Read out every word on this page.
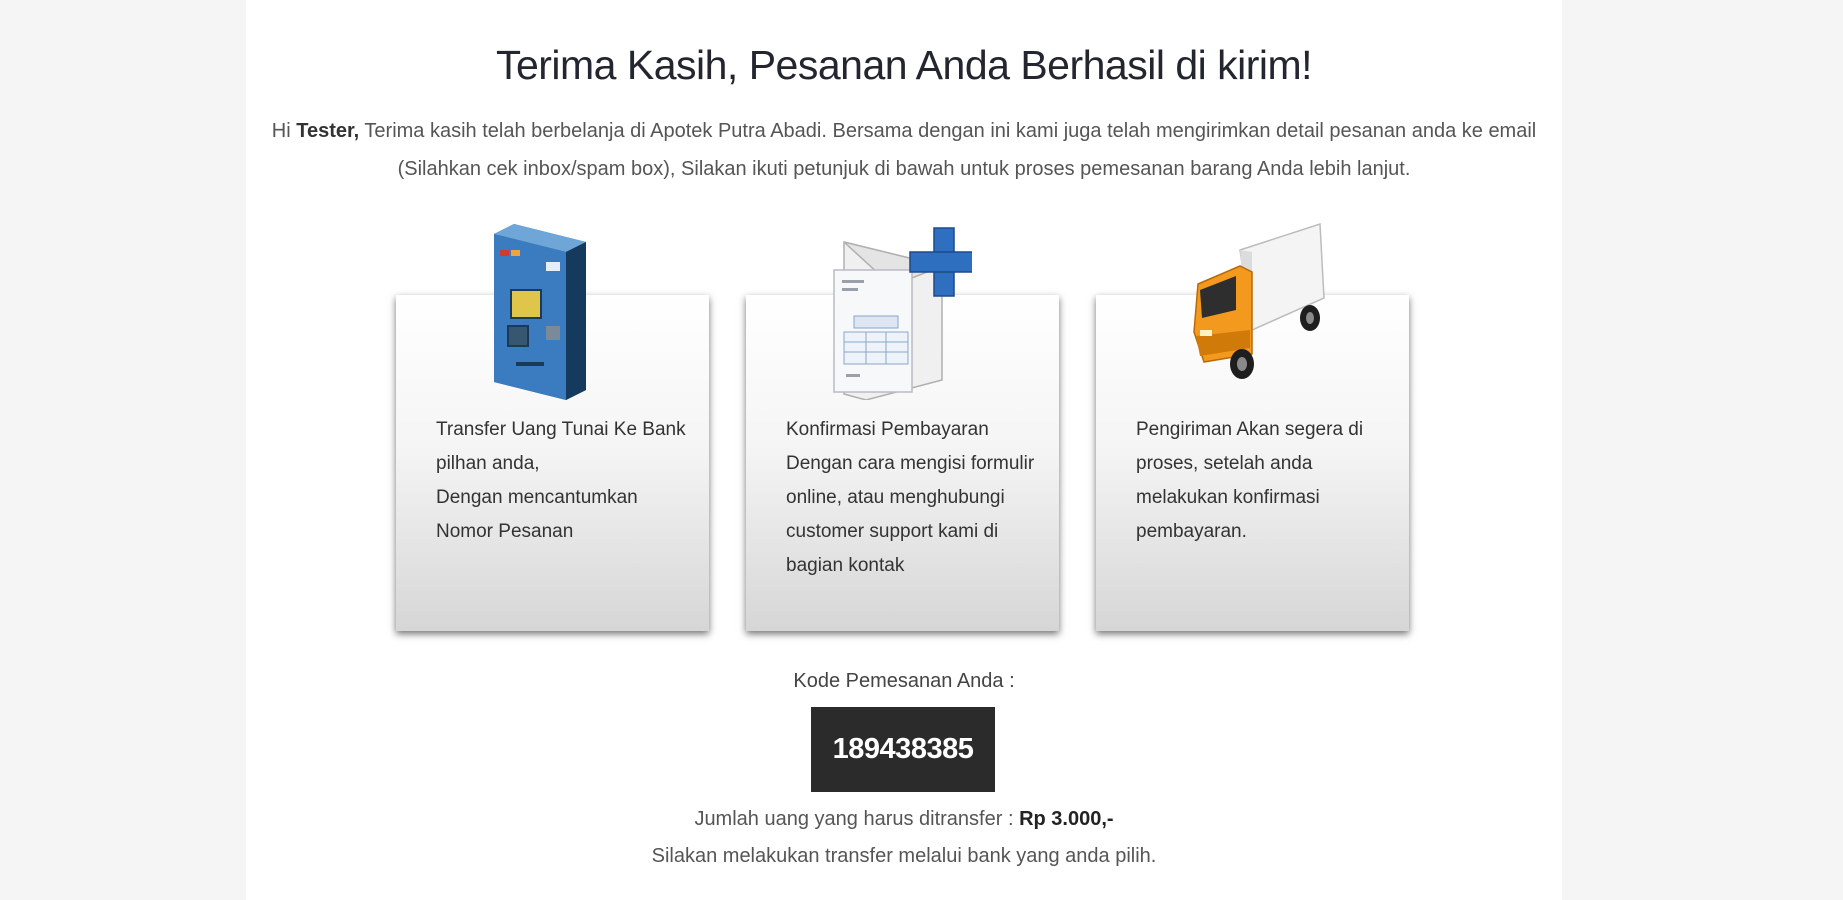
Terima Kasih, Pesanan Anda Berhasil di kirim!
Hi Tester, Terima kasih telah berbelanja di Apotek Putra Abadi. Bersama dengan ini kami juga telah mengirimkan detail pesanan anda ke email (Silahkan cek inbox/spam box), Silakan ikuti petunjuk di bawah untuk proses pemesanan barang Anda lebih lanjut.
Transfer Uang Tunai Ke Bank
pilhan anda,
Dengan mencantumkan
Nomor Pesanan
Konfirmasi Pembayaran
Dengan cara mengisi formulir
online, atau menghubungi
customer support kami di
bagian kontak
Pengiriman Akan segera di
proses, setelah anda
melakukan konfirmasi
pembayaran.
Kode Pemesanan Anda :
189438385
Jumlah uang yang harus ditransfer : Rp 3.000,-
Silakan melakukan transfer melalui bank yang anda pilih.
